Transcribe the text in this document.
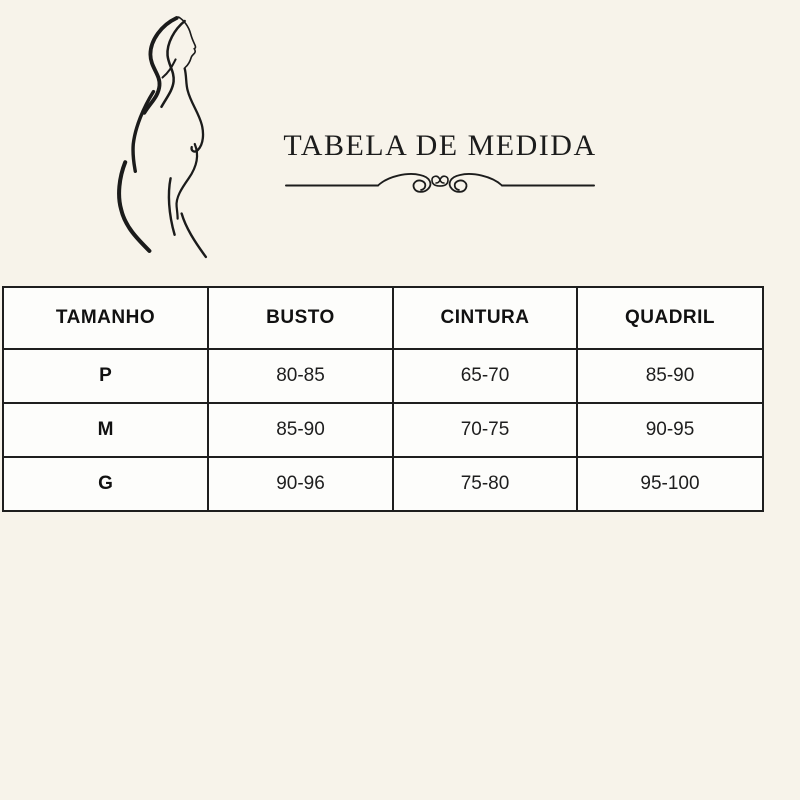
TABELA DE MEDIDA
TAMANHO	BUSTO	CINTURA	QUADRIL
P	80-85	65-70	85-90
M	85-90	70-75	90-95
G	90-96	75-80	95-100
